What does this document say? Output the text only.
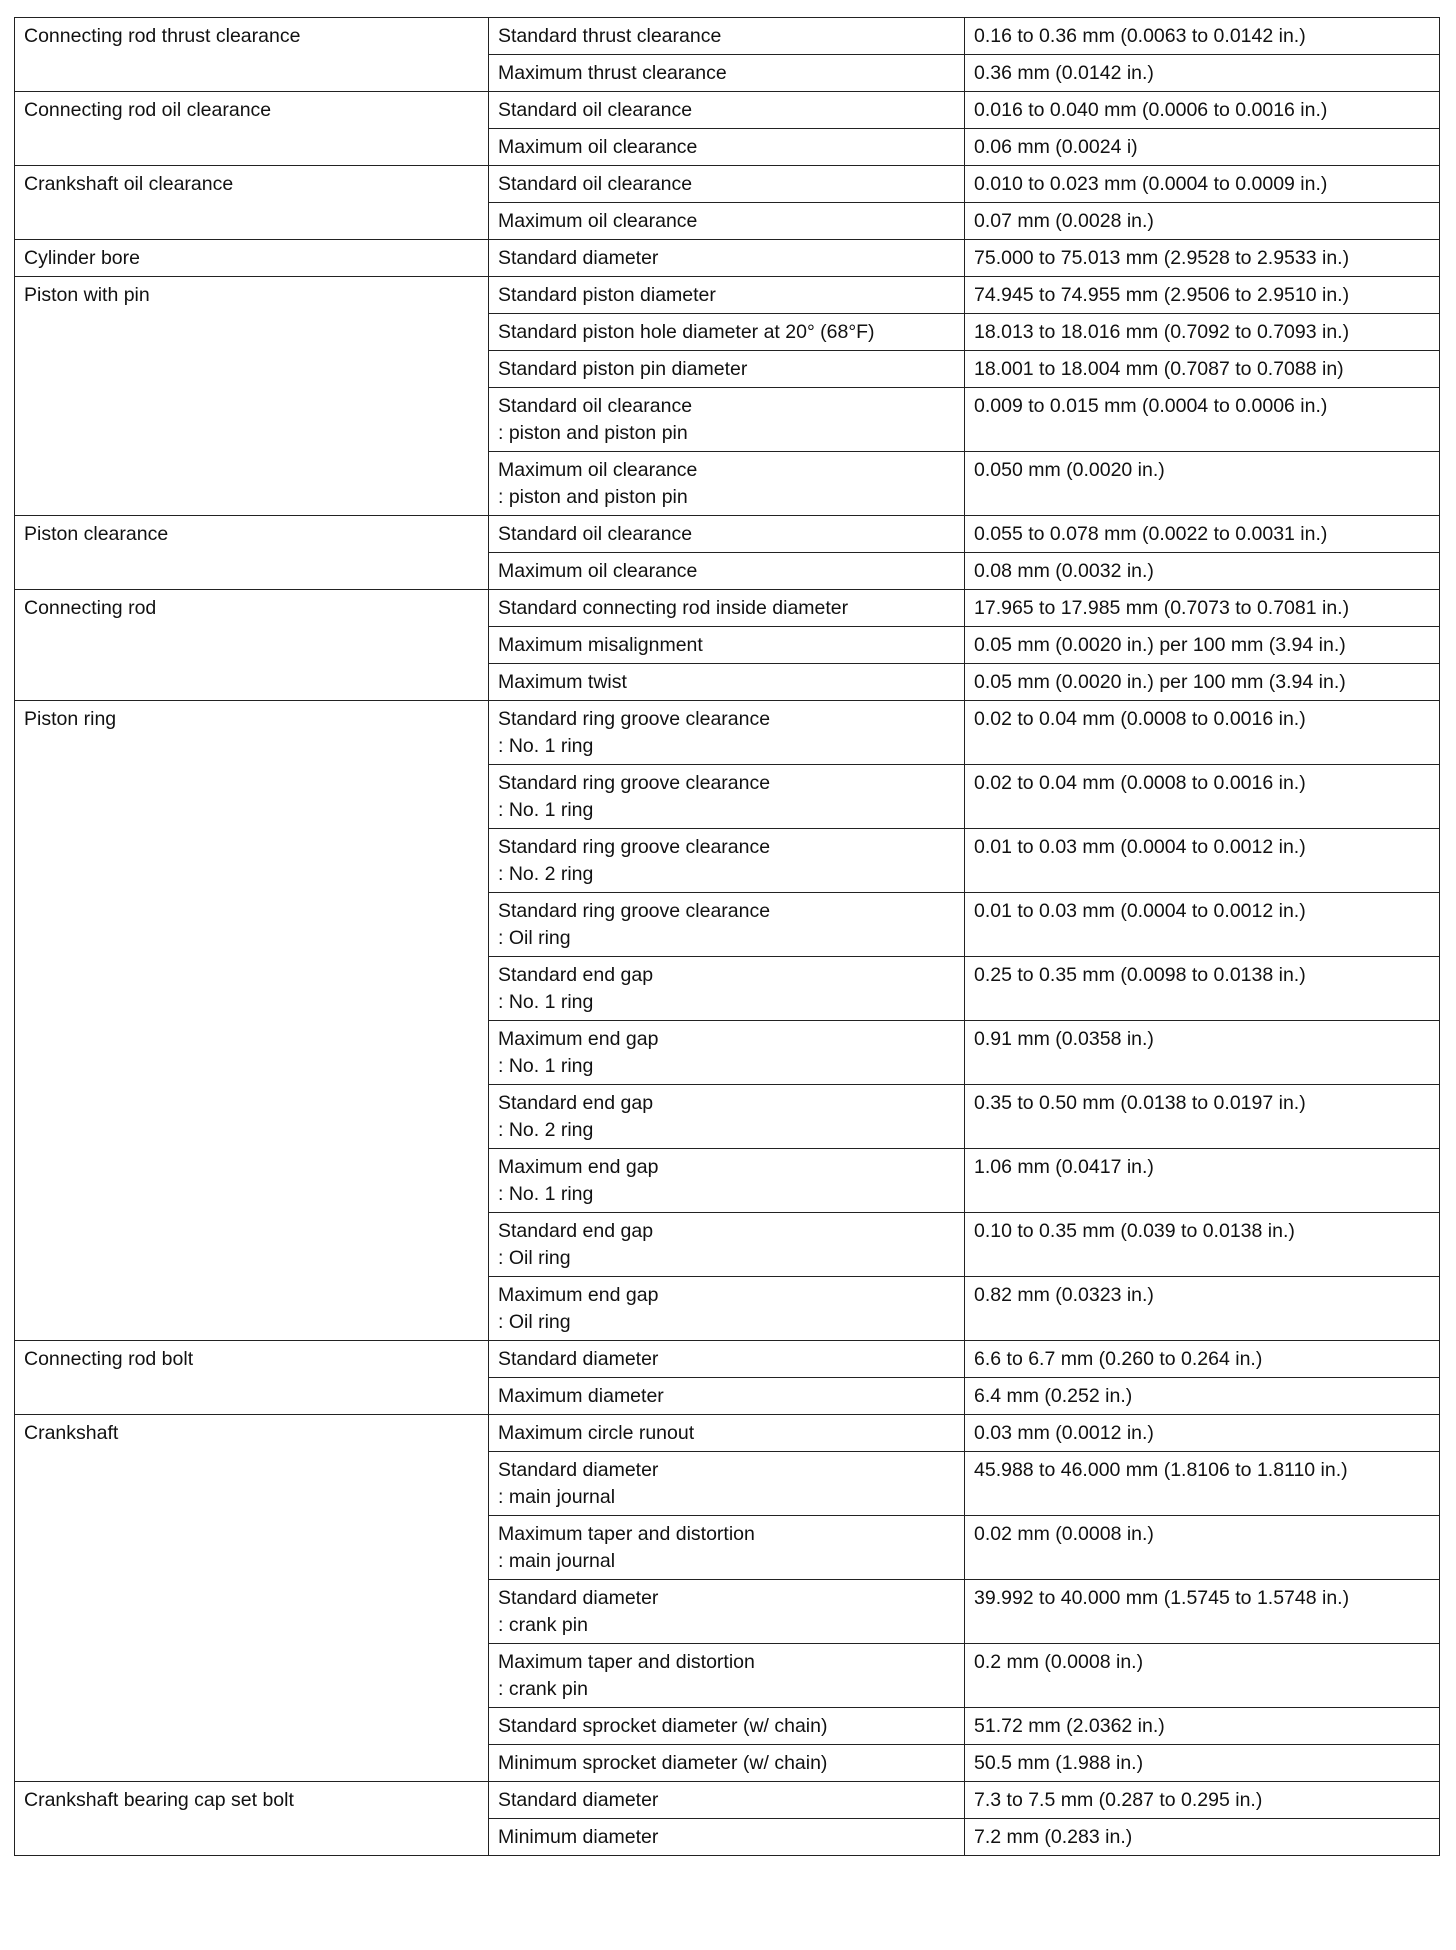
Connecting rod thrust clearance	Standard thrust clearance	0.16 to 0.36 mm (0.0063 to 0.0142 in.)

	Maximum thrust clearance	0.36 mm (0.0142 in.)
Connecting rod oil clearance	Standard oil clearance	0.016 to 0.040 mm (0.0006 to 0.0016 in.)

	Maximum oil clearance	0.06 mm (0.0024 i)
Crankshaft oil clearance	Standard oil clearance	0.010 to 0.023 mm (0.0004 to 0.0009 in.)

	Maximum oil clearance	0.07 mm (0.0028 in.)
Cylinder bore	Standard diameter	75.000 to 75.013 mm (2.9528 to 2.9533 in.)
Piston with pin	Standard piston diameter	74.945 to 74.955 mm (2.9506 to 2.9510 in.)

	Standard piston hole diameter at 20° (68°F)	18.013 to 18.016 mm (0.7092 to 0.7093 in.)

	Standard piston pin diameter	18.001 to 18.004 mm (0.7087 to 0.7088 in)

	Standard oil clearance
: piston and piston pin	0.009 to 0.015 mm (0.0004 to 0.0006 in.)

	Maximum oil clearance
: piston and piston pin	0.050 mm (0.0020 in.)
Piston clearance	Standard oil clearance	0.055 to 0.078 mm (0.0022 to 0.0031 in.)

	Maximum oil clearance	0.08 mm (0.0032 in.)
Connecting rod	Standard connecting rod inside diameter	17.965 to 17.985 mm (0.7073 to 0.7081 in.)

	Maximum misalignment	0.05 mm (0.0020 in.) per 100 mm (3.94 in.)

	Maximum twist	0.05 mm (0.0020 in.) per 100 mm (3.94 in.)
Piston ring	Standard ring groove clearance
: No. 1 ring	0.02 to 0.04 mm (0.0008 to 0.0016 in.)

	Standard ring groove clearance
: No. 1 ring	0.02 to 0.04 mm (0.0008 to 0.0016 in.)

	Standard ring groove clearance
: No. 2 ring	0.01 to 0.03 mm (0.0004 to 0.0012 in.)

	Standard ring groove clearance
: Oil ring	0.01 to 0.03 mm (0.0004 to 0.0012 in.)

	Standard end gap
: No. 1 ring	0.25 to 0.35 mm (0.0098 to 0.0138 in.)

	Maximum end gap
: No. 1 ring	0.91 mm (0.0358 in.)

	Standard end gap
: No. 2 ring	0.35 to 0.50 mm (0.0138 to 0.0197 in.)

	Maximum end gap
: No. 1 ring	1.06 mm (0.0417 in.)

	Standard end gap
: Oil ring	0.10 to 0.35 mm (0.039 to 0.0138 in.)

	Maximum end gap
: Oil ring	0.82 mm (0.0323 in.)
Connecting rod bolt	Standard diameter	6.6 to 6.7 mm (0.260 to 0.264 in.)

	Maximum diameter	6.4 mm (0.252 in.)
Crankshaft	Maximum circle runout	0.03 mm (0.0012 in.)

	Standard diameter
: main journal	45.988 to 46.000 mm (1.8106 to 1.8110 in.)

	Maximum taper and distortion
: main journal	0.02 mm (0.0008 in.)

	Standard diameter
: crank pin	39.992 to 40.000 mm (1.5745 to 1.5748 in.)

	Maximum taper and distortion
: crank pin	0.2 mm (0.0008 in.)

	Standard sprocket diameter (w/ chain)	51.72 mm (2.0362 in.)

	Minimum sprocket diameter (w/ chain)	50.5 mm (1.988 in.)
Crankshaft bearing cap set bolt	Standard diameter	7.3 to 7.5 mm (0.287 to 0.295 in.)

	Minimum diameter	7.2 mm (0.283 in.)
